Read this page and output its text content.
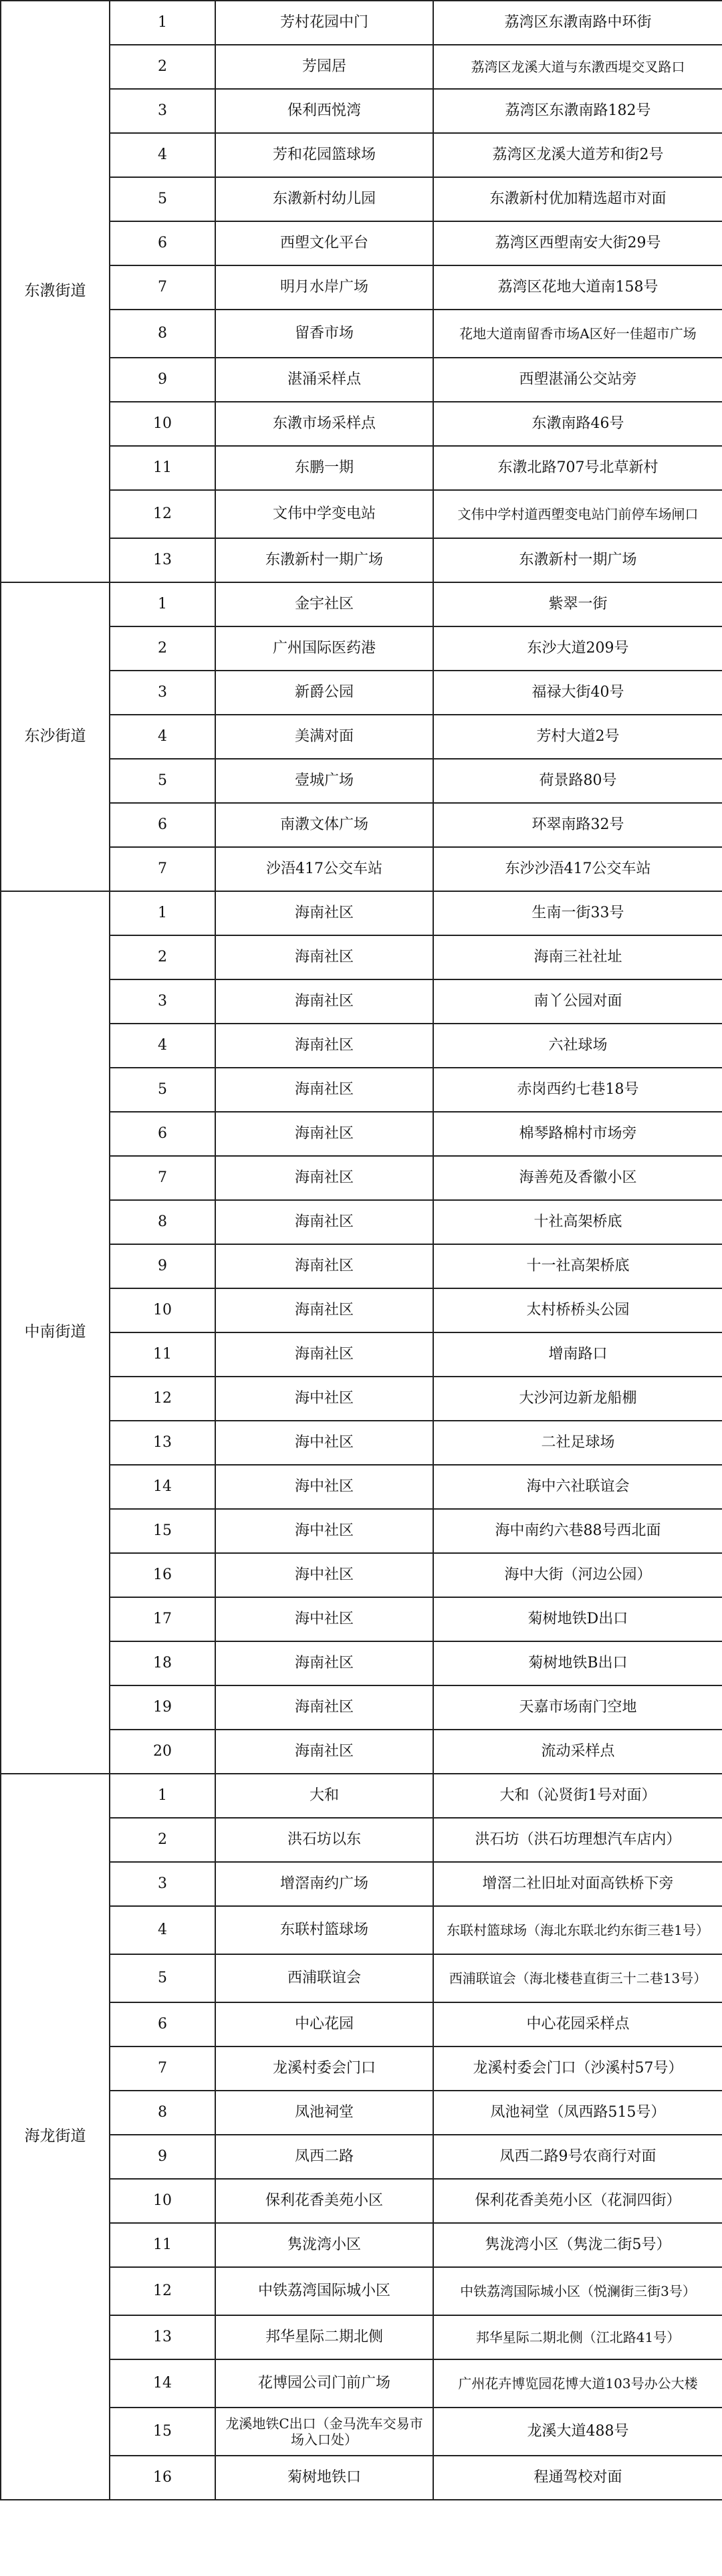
东漖街道	1	芳村花园中门	荔湾区东漖南路中环街
	2	芳园居	荔湾区龙溪大道与东漖西堤交叉路口
	3	保利西悦湾	荔湾区东漖南路182号
	4	芳和花园篮球场	荔湾区龙溪大道芳和街2号
	5	东漖新村幼儿园	东漖新村优加精选超市对面
	6	西塱文化平台	荔湾区西塱南安大街29号
	7	明月水岸广场	荔湾区花地大道南158号
	8	留香市场	花地大道南留香市场A区好一佳超市广场
	9	湛涌采样点	西塱湛涌公交站旁
	10	东漖市场采样点	东漖南路46号
	11	东鹏一期	东漖北路707号北草新村
	12	文伟中学变电站	文伟中学村道西塱变电站门前停车场闸口
	13	东漖新村一期广场	东漖新村一期广场
东沙街道	1	金宇社区	紫翠一街
	2	广州国际医药港	东沙大道209号
	3	新爵公园	福禄大街40号
	4	美满对面	芳村大道2号
	5	壹城广场	荷景路80号
	6	南漖文体广场	环翠南路32号
	7	沙浯417公交车站	东沙沙浯417公交车站
中南街道	1	海南社区	生南一街33号
	2	海南社区	海南三社社址
	3	海南社区	南丫公园对面
	4	海南社区	六社球场
	5	海南社区	赤岗西约七巷18号
	6	海南社区	棉琴路棉村市场旁
	7	海南社区	海善苑及香徽小区
	8	海南社区	十社高架桥底
	9	海南社区	十一社高架桥底
	10	海南社区	太村桥桥头公园
	11	海南社区	增南路口
	12	海中社区	大沙河边新龙船棚
	13	海中社区	二社足球场
	14	海中社区	海中六社联谊会
	15	海中社区	海中南约六巷88号西北面
	16	海中社区	海中大街（河边公园）
	17	海中社区	菊树地铁D出口
	18	海南社区	菊树地铁B出口
	19	海南社区	天嘉市场南门空地
	20	海南社区	流动采样点
海龙街道	1	大和	大和（沁贤街1号对面）
	2	洪石坊以东	洪石坊（洪石坊理想汽车店内）
	3	增滘南约广场	增滘二社旧址对面高铁桥下旁
	4	东联村篮球场	东联村篮球场（海北东联北约东街三巷1号）
	5	西浦联谊会	西浦联谊会（海北楼巷直街三十二巷13号）
	6	中心花园	中心花园采样点
	7	龙溪村委会门口	龙溪村委会门口（沙溪村57号）
	8	凤池祠堂	凤池祠堂（凤西路515号）
	9	凤西二路	凤西二路9号农商行对面
	10	保利花香美苑小区	保利花香美苑小区（花洞四街）
	11	隽泷湾小区	隽泷湾小区（隽泷二街5号）
	12	中铁荔湾国际城小区	中铁荔湾国际城小区（悦澜街三街3号）
	13	邦华星际二期北侧	邦华星际二期北侧（江北路41号）
	14	花博园公司门前广场	广州花卉博览园花博大道103号办公大楼
	15	龙溪地铁C出口（金马洗车交易市场入口处）	龙溪大道488号
	16	菊树地铁口	程通驾校对面
